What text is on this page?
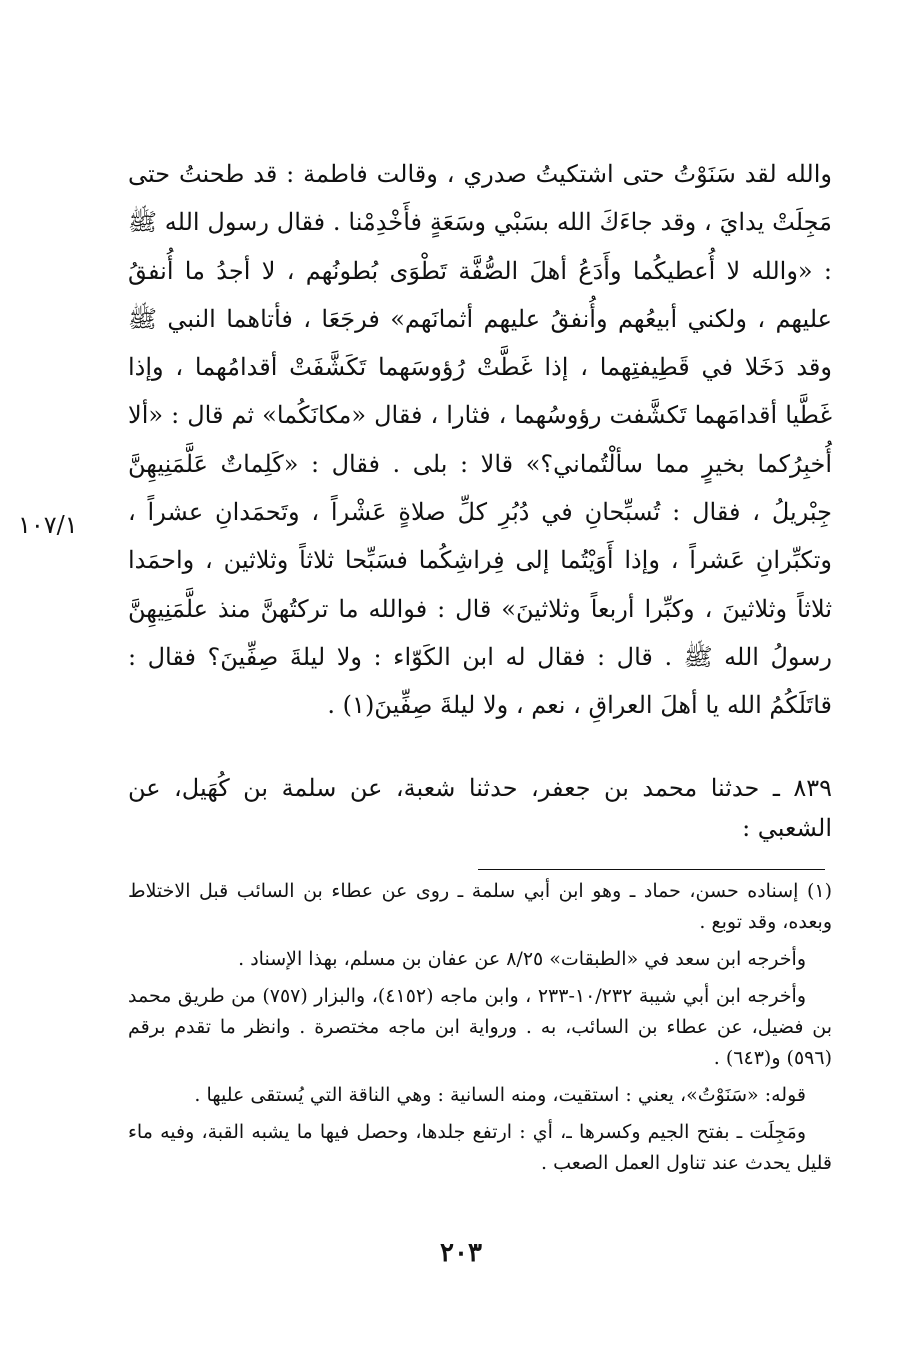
والله لقد سَنَوْتُ حتى اشتكيتُ صدري ، وقالت فاطمة : قد طحنتُ حتى مَجِلَتْ يدايَ ، وقد جاءَكَ الله بسَبْي وسَعَةٍ فأَخْدِمْنا . فقال رسول الله ﷺ : «والله لا أُعطيكُما وأَدَعُ أهلَ الصُّفَّة تَطْوَى بُطونُهم ، لا أجدُ ما أُنفقُ عليهم ، ولكني أبيعُهم وأُنفقُ عليهم أثمانَهم» فرجَعَا ، فأتاهما النبي ﷺ وقد دَخَلا في قَطِيفتِهما ، إذا غَطَّتْ رُؤوسَهما تَكَشَّفَتْ أقدامُهما ، وإذا غَطَّيا أقدامَهما تَكشَّفت رؤوسُهما ، فثارا ، فقال «مكانَكُما» ثم قال : «ألا أُخبِرُكما بخيرٍ مما سألْتُماني؟» قالا : بلى . فقال : «كَلِماتٌ عَلَّمَنِيهِنَّ جِبْريلُ ، فقال : تُسبِّحانِ في دُبُرِ كلِّ صلاةٍ عَشْراً ، وتَحمَدانِ عشراً ، وتكبِّرانِ عَشراً ، وإذا أَوَيْتُما إلى فِراشِكُما فسَبِّحا ثلاثاً وثلاثين ، واحمَدا ثلاثاً وثلاثينَ ، وكبِّرا أربعاً وثلاثينَ» قال : فوالله ما تركتُهنَّ منذ علَّمَنِيهِنَّ رسولُ الله ﷺ . قال : فقال له ابن الكَوّاء : ولا ليلةَ صِفِّينَ؟ فقال : قاتَلَكُمُ الله يا أهلَ العراقِ ، نعم ، ولا ليلةَ صِفِّينَ(١) .

١٠٧/١

٨٣٩ ـ حدثنا محمد بن جعفر، حدثنا شعبة، عن سلمة بن كُهَيل، عن الشعبي :

(١) إسناده حسن، حماد ـ وهو ابن أبي سلمة ـ روى عن عطاء بن السائب قبل الاختلاط وبعده، وقد توبع .

وأخرجه ابن سعد في «الطبقات» ٨/٢٥ عن عفان بن مسلم، بهذا الإسناد .

وأخرجه ابن أبي شيبة ١٠/٢٣٢-٢٣٣ ، وابن ماجه (٤١٥٢)، والبزار (٧٥٧) من طريق محمد بن فضيل، عن عطاء بن السائب، به . ورواية ابن ماجه مختصرة . وانظر ما تقدم برقم (٥٩٦) و(٦٤٣) .

قوله: «سَنَوْتُ»، يعني : استقيت، ومنه السانية : وهي الناقة التي يُستقى عليها .

ومَجِلَت ـ بفتح الجيم وكسرها ـ، أي : ارتفع جلدها، وحصل فيها ما يشبه القبة، وفيه ماء قليل يحدث عند تناول العمل الصعب .

٢٠٣
